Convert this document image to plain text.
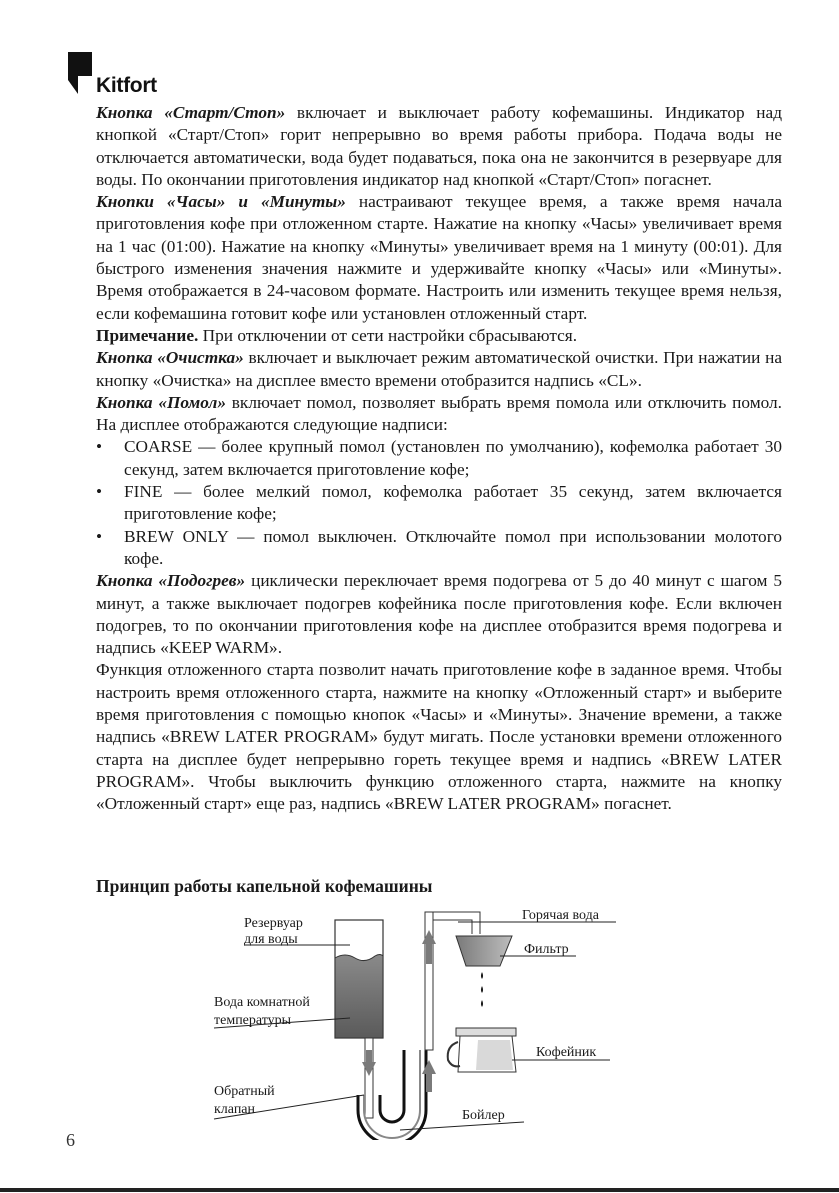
Kitfort

Кнопка «Старт/Стоп» включает и выключает работу кофемашины. Индикатор над кнопкой «Старт/Стоп» горит непрерывно во время работы прибора. Подача воды не отключается автоматически, вода будет подаваться, пока она не закончится в резервуаре для воды. По окончании приготовления индикатор над кнопкой «Старт/Стоп» погаснет.

Кнопки «Часы» и «Минуты» настраивают текущее время, а также время начала приготовления кофе при отложенном старте. Нажатие на кнопку «Часы» увеличивает время на 1 час (01:00). Нажатие на кнопку «Минуты» увеличивает время на 1 минуту (00:01). Для быстрого изменения значения нажмите и удерживайте кнопку «Часы» или «Минуты». Время отображается в 24-часовом формате. Настроить или изменить текущее время нельзя, если кофемашина готовит кофе или установлен отложенный старт.

Примечание. При отключении от сети настройки сбрасываются.

Кнопка «Очистка» включает и выключает режим автоматической очистки. При нажатии на кнопку «Очистка» на дисплее вместо времени отобразится надпись «CL».

Кнопка «Помол» включает помол, позволяет выбрать время помола или отключить помол. На дисплее отображаются следующие надписи:

• COARSE — более крупный помол (установлен по умолчанию), кофемолка работает 30 секунд, затем включается приготовление кофе;
• FINE — более мелкий помол, кофемолка работает 35 секунд, затем включается приготовление кофе;
• BREW ONLY — помол выключен. Отключайте помол при использовании молотого кофе.

Кнопка «Подогрев» циклически переключает время подогрева от 5 до 40 минут с шагом 5 минут, а также выключает подогрев кофейника после приготовления кофе. Если включен подогрев, то по окончании приготовления кофе на дисплее отобразится время подогрева и надпись «KEEP WARM».

Функция отложенного старта позволит начать приготовление кофе в заданное время. Чтобы настроить время отложенного старта, нажмите на кнопку «Отложенный старт» и выберите время приготовления с помощью кнопок «Часы» и «Минуты». Значение времени, а также надпись «BREW LATER PROGRAM» будут мигать. После установки времени отложенного старта на дисплее будет непрерывно гореть текущее время и надпись «BREW LATER PROGRAM». Чтобы выключить функцию отложенного старта, нажмите на кнопку «Отложенный старт» еще раз, надпись «BREW LATER PROGRAM» погаснет.

Принцип работы капельной кофемашины
Резервуар
для воды
Вода комнатной
температуры
Обратный
клапан
Горячая вода
Фильтр
Кофейник
Бойлер
6
